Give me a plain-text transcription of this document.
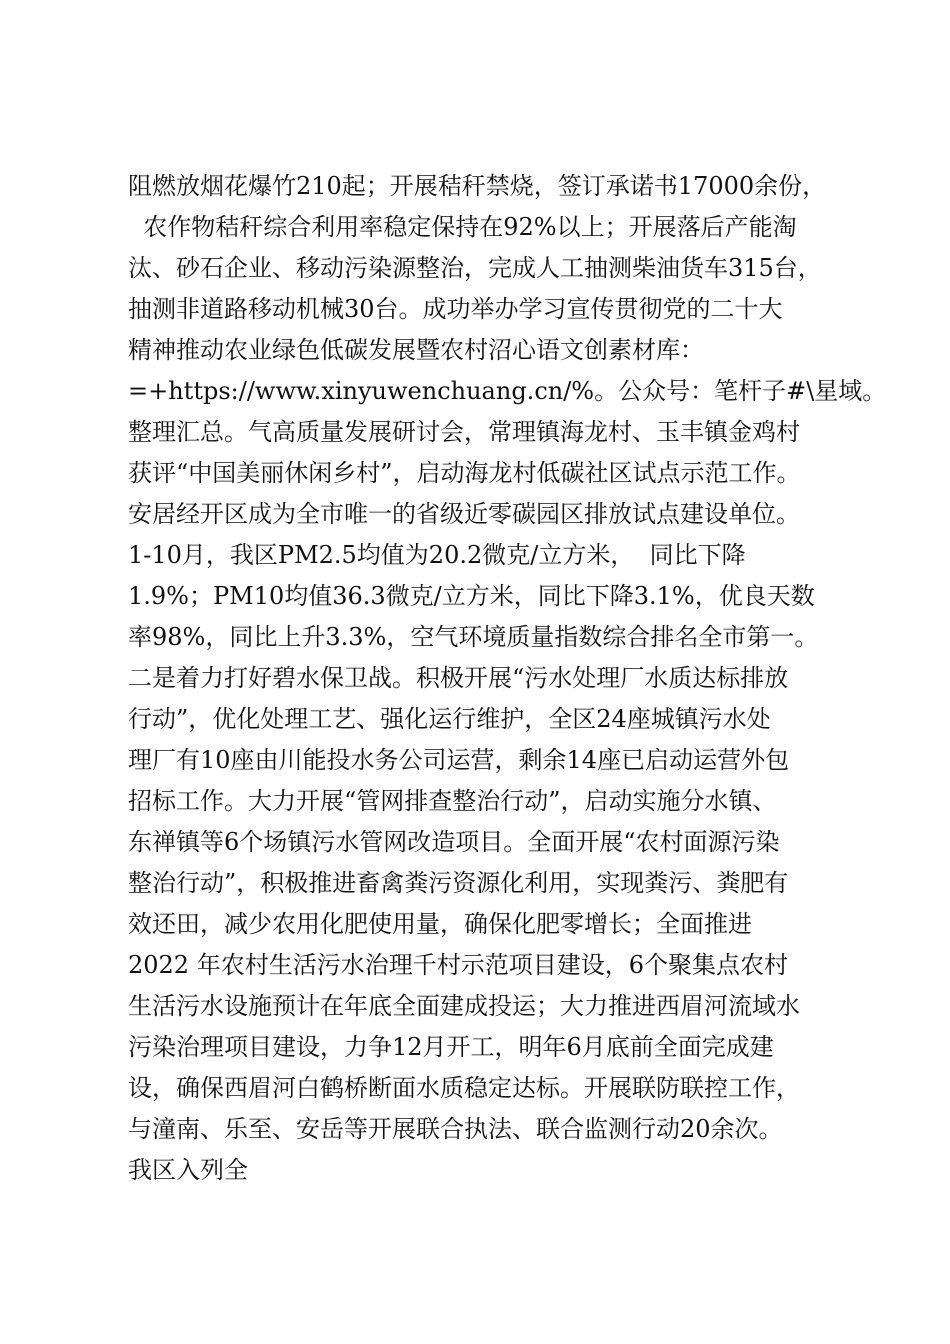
阻燃放烟花爆竹210起；开展秸秆禁烧，签订承诺书17000余份，
农作物秸秆综合利用率稳定保持在92%以上；开展落后产能淘
汰、砂石企业、移动污染源整治，完成人工抽测柴油货车315台，
抽测非道路移动机械30台。成功举办学习宣传贯彻党的二十大
精神推动农业绿色低碳发展暨农村沼心语文创素材库：
=+https://www.xinyuwenchuang.cn/%。公众号：笔杆子#\星域。
整理汇总。气高质量发展研讨会，常理镇海龙村、玉丰镇金鸡村
获评“中国美丽休闲乡村”，启动海龙村低碳社区试点示范工作。
安居经开区成为全市唯一的省级近零碳园区排放试点建设单位。
1-10月，我区PM2.5均值为20.2微克/立方米，  同比下降
1.9%；PM10均值36.3微克/立方米，同比下降3.1%，优良天数
率98%，同比上升3.3%，空气环境质量指数综合排名全市第一。
二是着力打好碧水保卫战。积极开展“污水处理厂水质达标排放
行动”，优化处理工艺、强化运行维护，全区24座城镇污水处
理厂有10座由川能投水务公司运营，剩余14座已启动运营外包
招标工作。大力开展“管网排查整治行动”，启动实施分水镇、
东禅镇等6个场镇污水管网改造项目。全面开展“农村面源污染
整治行动”，积极推进畜禽粪污资源化利用，实现粪污、粪肥有
效还田，减少农用化肥使用量，确保化肥零增长；全面推进
2022 年农村生活污水治理千村示范项目建设，6个聚集点农村
生活污水设施预计在年底全面建成投运；大力推进西眉河流域水
污染治理项目建设，力争12月开工，明年6月底前全面完成建
设，确保西眉河白鹤桥断面水质稳定达标。开展联防联控工作，
与潼南、乐至、安岳等开展联合执法、联合监测行动20余次。
我区入列全
